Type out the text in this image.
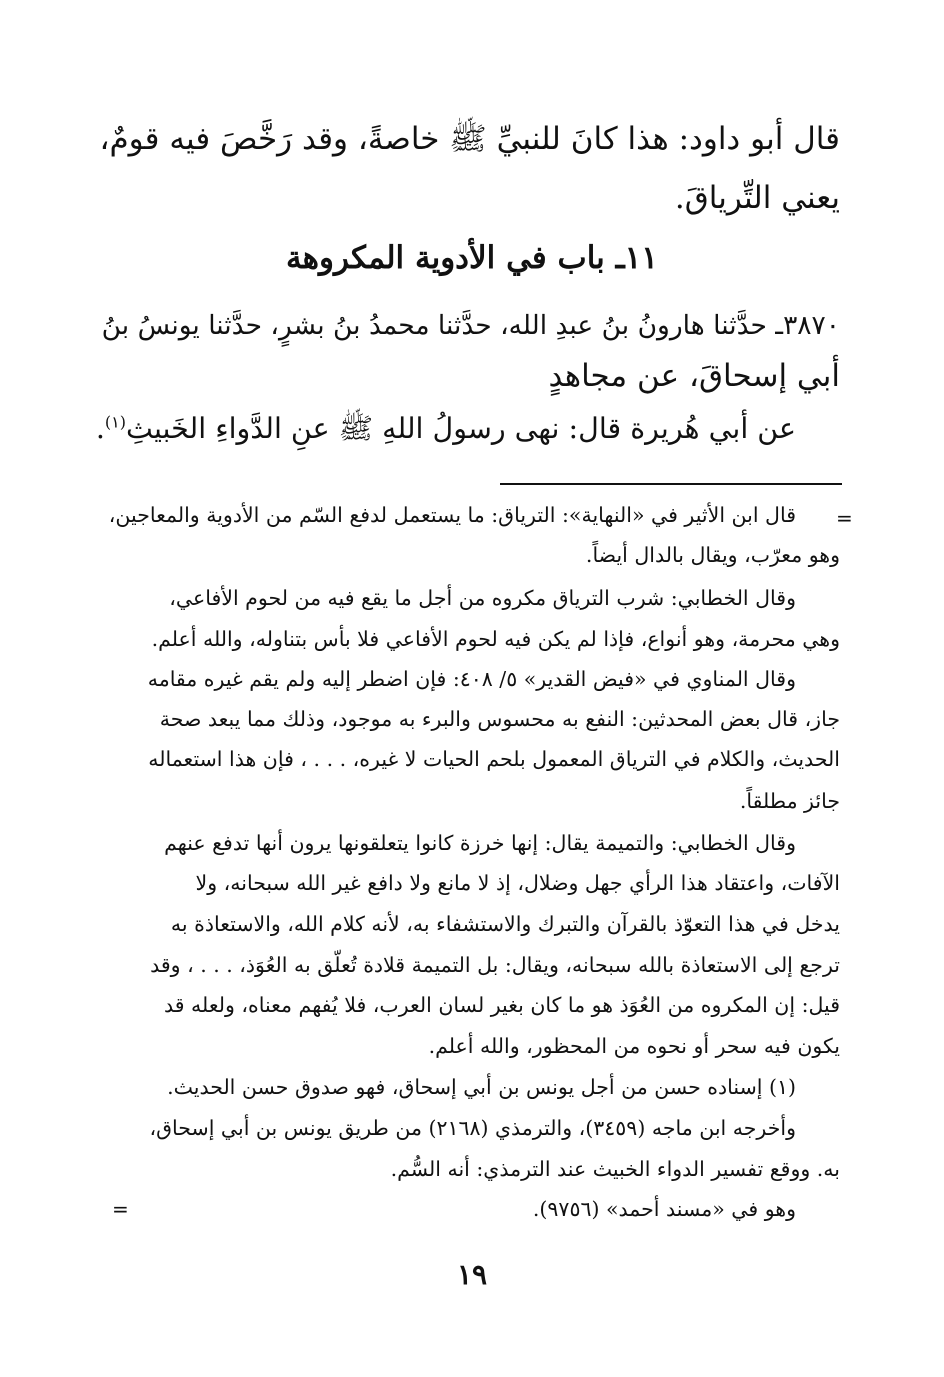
قال أبو داود: هذا كانَ للنبيِّ ﷺ خاصةً، وقد رَخَّصَ فيه قومٌ،
يعني التِّرياقَ.
١١ـ باب في الأدوية المكروهة
٣٨٧٠ـ حدَّثنا هارونُ بنُ عبدِ الله، حدَّثنا محمدُ بنُ بشرٍ، حدَّثنا يونسُ بنُ
أبي إسحاقَ، عن مجاهدٍ
عن أبي هُريرة قال: نهى رسولُ اللهِ ﷺ عنِ الدَّواءِ الخَبيثِ$^{(١)}$.
=
=
قال ابن الأثير في «النهاية»: الترياق: ما يستعمل لدفع السّم من الأدوية والمعاجين،
وهو معرّب، ويقال بالدال أيضاً.
وقال الخطابي: شرب الترياق مكروه من أجل ما يقع فيه من لحوم الأفاعي،
وهي محرمة، وهو أنواع، فإذا لم يكن فيه لحوم الأفاعي فلا بأس بتناوله، والله أعلم.
وقال المناوي في «فيض القدير» ٥/ ٤٠٨: فإن اضطر إليه ولم يقم غيره مقامه
جاز، قال بعض المحدثين: النفع به محسوس والبرء به موجود، وذلك مما يبعد صحة
الحديث، والكلام في الترياق المعمول بلحم الحيات لا غيره، . . . ، فإن هذا استعماله
جائز مطلقاً.
وقال الخطابي: والتميمة يقال: إنها خرزة كانوا يتعلقونها يرون أنها تدفع عنهم
الآفات، واعتقاد هذا الرأي جهل وضلال، إذ لا مانع ولا دافع غير الله سبحانه، ولا
يدخل في هذا التعوّذ بالقرآن والتبرك والاستشفاء به، لأنه كلام الله، والاستعاذة به
ترجع إلى الاستعاذة بالله سبحانه، ويقال: بل التميمة قلادة تُعلّق به العُوَذ، . . . ، وقد
قيل: إن المكروه من العُوَذ هو ما كان بغير لسان العرب، فلا يُفهم معناه، ولعله قد
يكون فيه سحر أو نحوه من المحظور، والله أعلم.
(١) إسناده حسن من أجل يونس بن أبي إسحاق، فهو صدوق حسن الحديث.
وأخرجه ابن ماجه (٣٤٥٩)، والترمذي (٢١٦٨) من طريق يونس بن أبي إسحاق،
به. ووقع تفسير الدواء الخبيث عند الترمذي: أنه السُّم.
وهو في «مسند أحمد» (٩٧٥٦).
١٩
